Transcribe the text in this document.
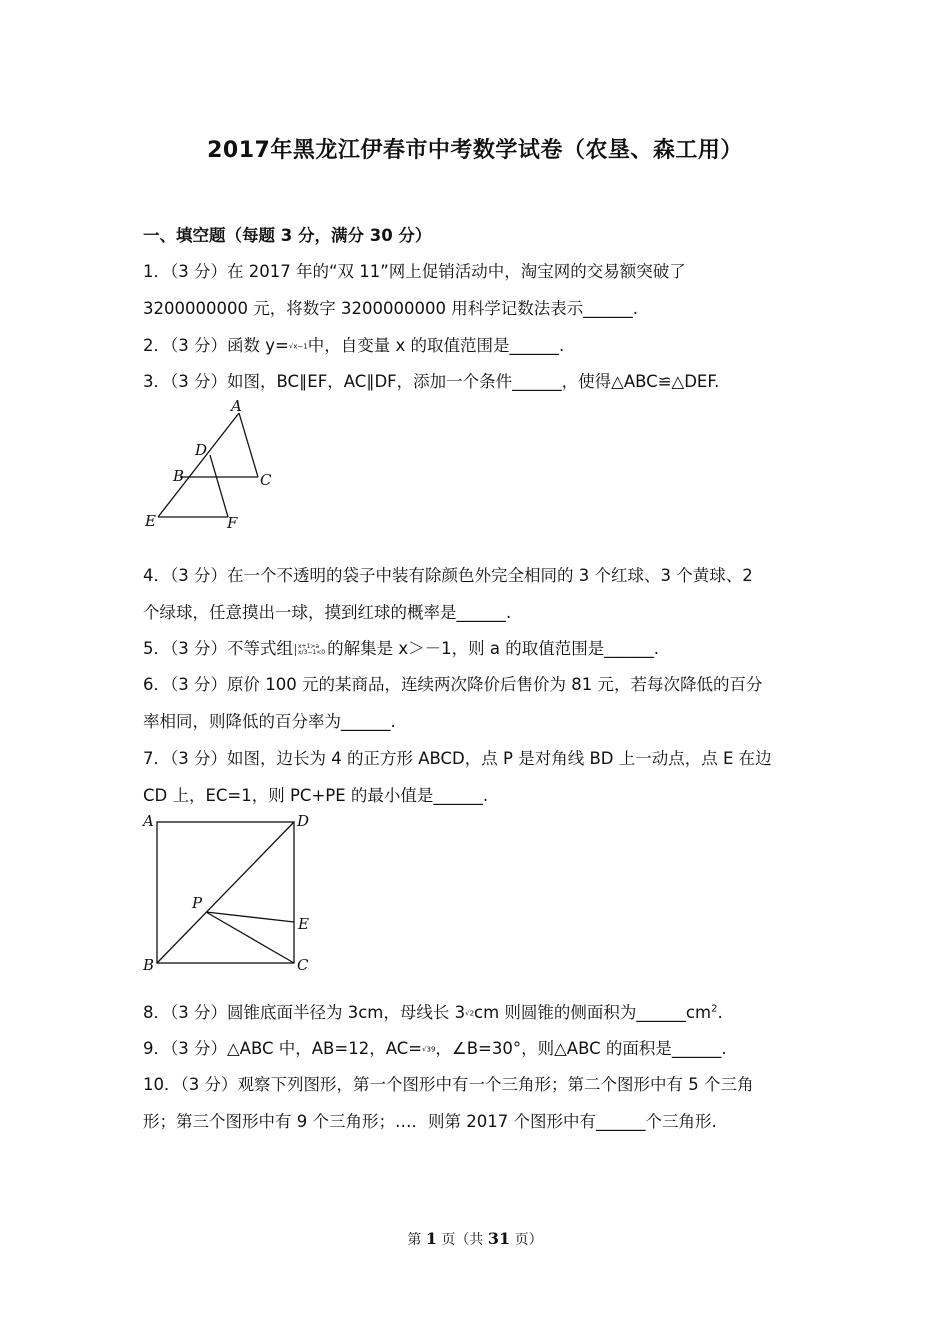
2017年黑龙江伊春市中考数学试卷（农垦、森工用）
一、填空题（每题 3 分，满分 30 分）
1．（3 分）在 2017 年的“双 11”网上促销活动中，淘宝网的交易额突破了
3200000000 元，将数字 3200000000 用科学记数法表示______.
2．（3 分）函数 y=√x−1中，自变量 x 的取值范围是______.
3．（3 分）如图，BC∥EF，AC∥DF，添加一个条件______，使得△ABC≌△DEF.
A
D
B	C
E	F
4．（3 分）在一个不透明的袋子中装有除颜色外完全相同的 3 个红球、3 个黄球、2
个绿球，任意摸出一球，摸到红球的概率是______.
5．（3 分）不等式组 x+1>a
x/3−1<0 的解集是 x＞－1，则 a 的取值范围是______.
6．（3 分）原价 100 元的某商品，连续两次降价后售价为 81 元，若每次降低的百分
率相同，则降低的百分率为______.
7．（3 分）如图，边长为 4 的正方形 ABCD，点 P 是对角线 BD 上一动点，点 E 在边
CD 上，EC=1，则 PC+PE 的最小值是______.
A	D
P
E
B	C
8．（3 分）圆锥底面半径为 3cm，母线长 3√2cm 则圆锥的侧面积为$\_\_\_\_\_\_cm^2$.
9．（3 分）△ABC 中，AB=12，AC=√39，∠B=30°，则△ABC 的面积是______.
10．（3 分）观察下列图形，第一个图形中有一个三角形；第二个图形中有 5 个三角
形；第三个图形中有 9 个三角形；…．则第 2017 个图形中有______个三角形.
第 1 页（共 31 页）
